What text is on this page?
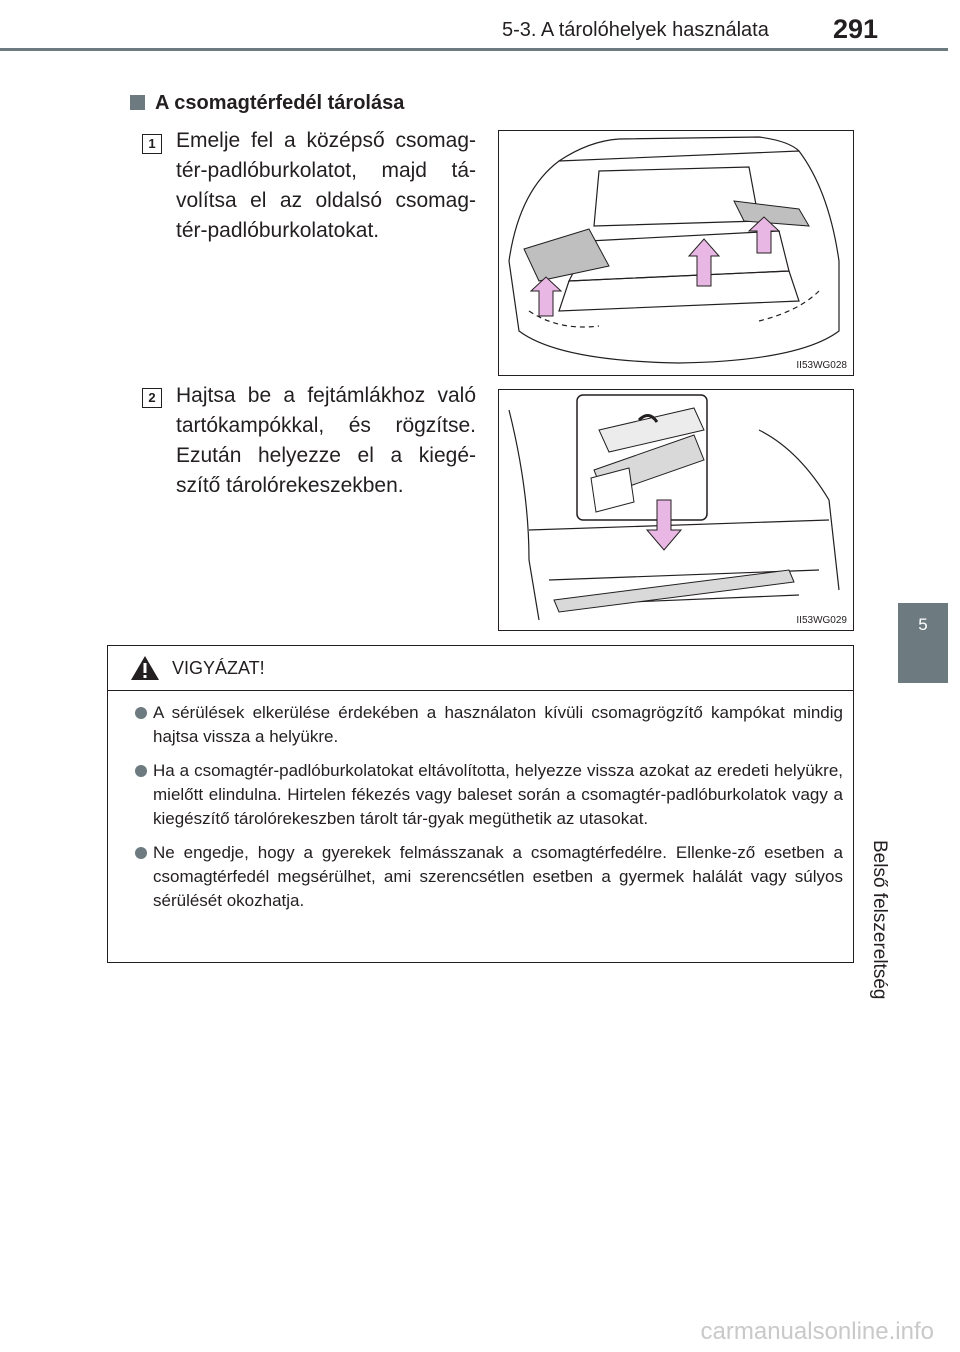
5-3. A tárolóhelyek használata 291
5
Belső felszereltség
A csomagtérfedél tárolása
1 Emelje fel a középső csomag-tér-padlóburkolatot, majd tá-volítsa el az oldalsó csomag-tér-padlóburkolatokat.
II53WG028
2 Hajtsa be a fejtámlákhoz való tartókampókkal, és rögzítse. Ezután helyezze el a kiegé-szítő tárolórekeszekben.
II53WG029
VIGYÁZAT!
A sérülések elkerülése érdekében a használaton kívüli csomagrögzítő kampókat mindig hajtsa vissza a helyükre.
Ha a csomagtér-padlóburkolatokat eltávolította, helyezze vissza azokat az eredeti helyükre, mielőtt elindulna. Hirtelen fékezés vagy baleset során a csomagtér-padlóburkolatok vagy a kiegészítő tárolórekeszben tárolt tár-gyak megüthetik az utasokat.
Ne engedje, hogy a gyerekek felmásszanak a csomagtérfedélre. Ellenke-ző esetben a csomagtérfedél megsérülhet, ami szerencsétlen esetben a gyermek halálát vagy súlyos sérülését okozhatja.
carmanualsonline.info
